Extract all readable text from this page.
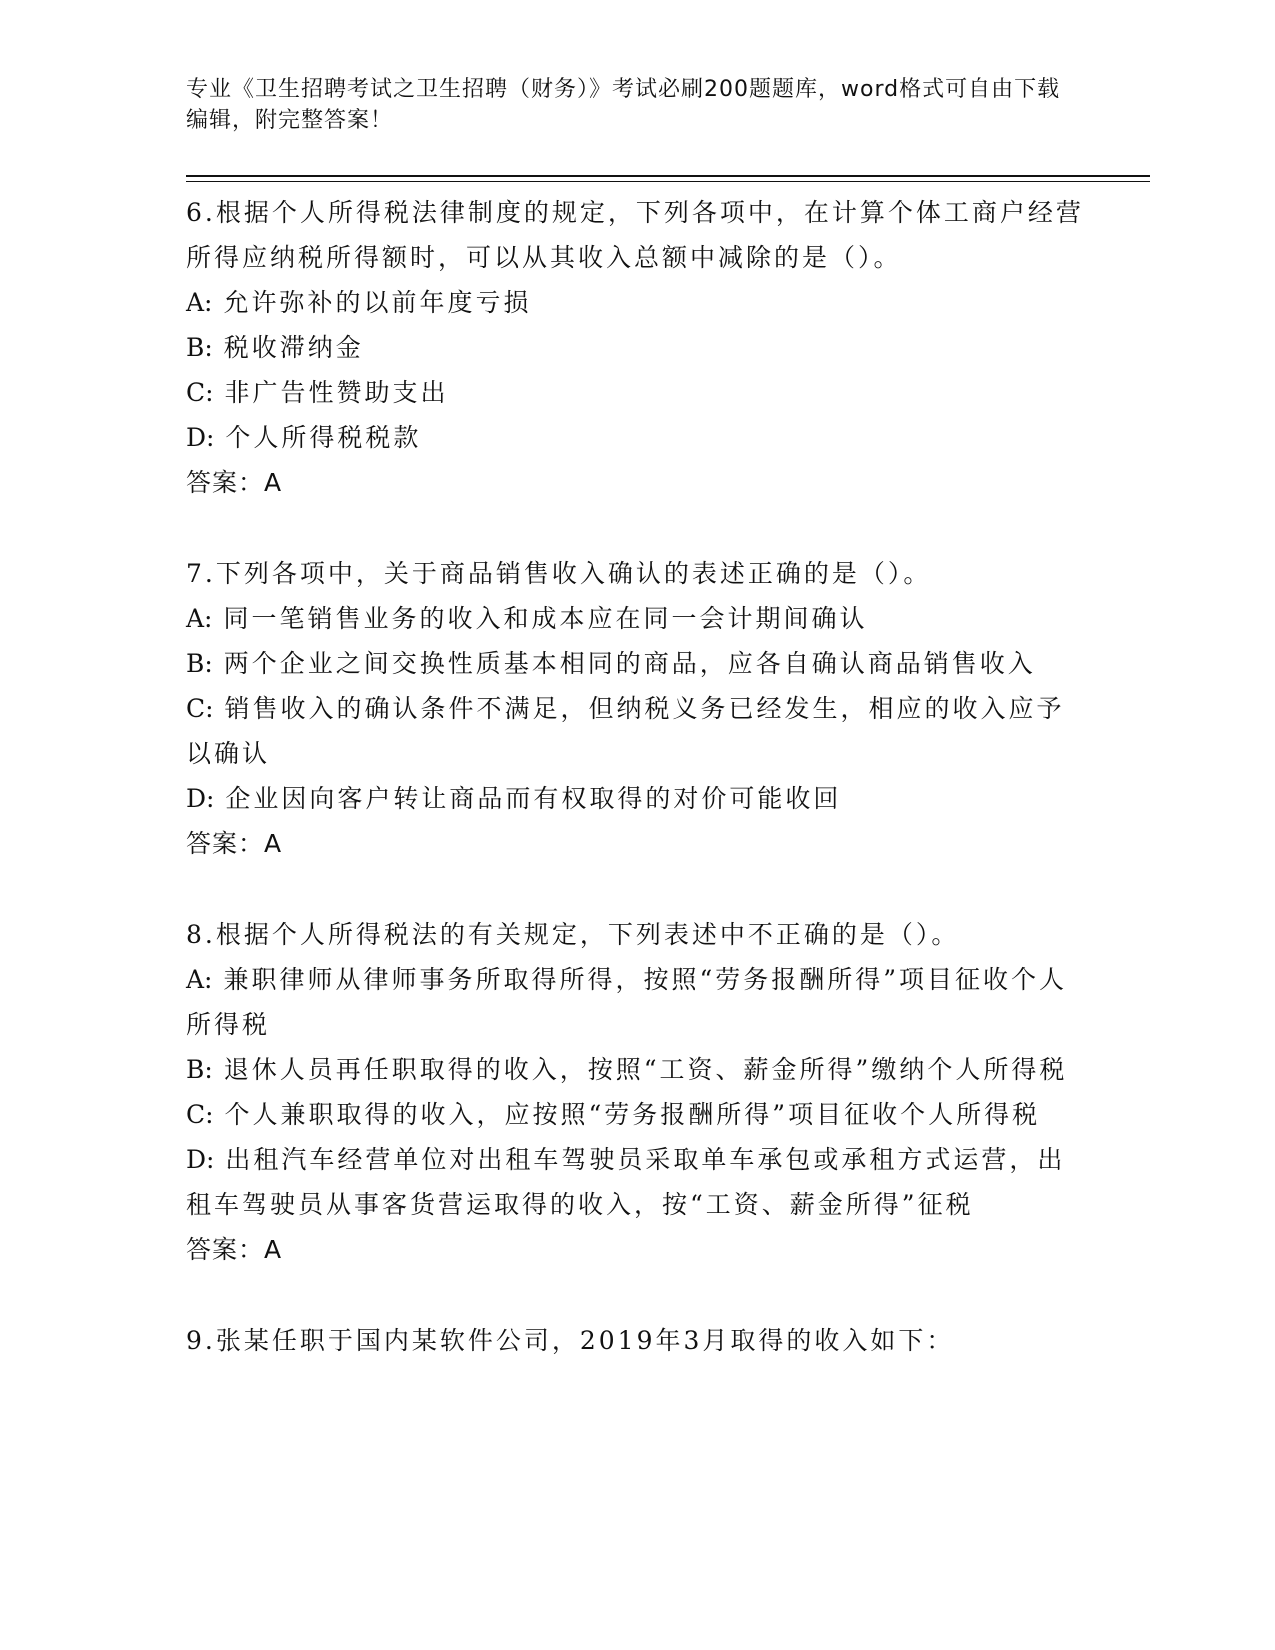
专业《卫生招聘考试之卫生招聘（财务）》考试必刷200题题库，word格式可自由下载编辑，附完整答案！

6.根据个人所得税法律制度的规定，下列各项中，在计算个体工商户经营所得应纳税所得额时，可以从其收入总额中减除的是（）。

A: 允许弥补的以前年度亏损

B: 税收滞纳金

C: 非广告性赞助支出

D: 个人所得税税款

答案：A

7.下列各项中，关于商品销售收入确认的表述正确的是（）。

A: 同一笔销售业务的收入和成本应在同一会计期间确认

B: 两个企业之间交换性质基本相同的商品，应各自确认商品销售收入

C: 销售收入的确认条件不满足，但纳税义务已经发生，相应的收入应予以确认

D: 企业因向客户转让商品而有权取得的对价可能收回

答案：A

8.根据个人所得税法的有关规定，下列表述中不正确的是（）。

A: 兼职律师从律师事务所取得所得，按照“劳务报酬所得”项目征收个人所得税

B: 退休人员再任职取得的收入，按照“工资、薪金所得”缴纳个人所得税

C: 个人兼职取得的收入，应按照“劳务报酬所得”项目征收个人所得税

D: 出租汽车经营单位对出租车驾驶员采取单车承包或承租方式运营，出租车驾驶员从事客货营运取得的收入，按“工资、薪金所得”征税

答案：A

9.张某任职于国内某软件公司，2019年3月取得的收入如下：
